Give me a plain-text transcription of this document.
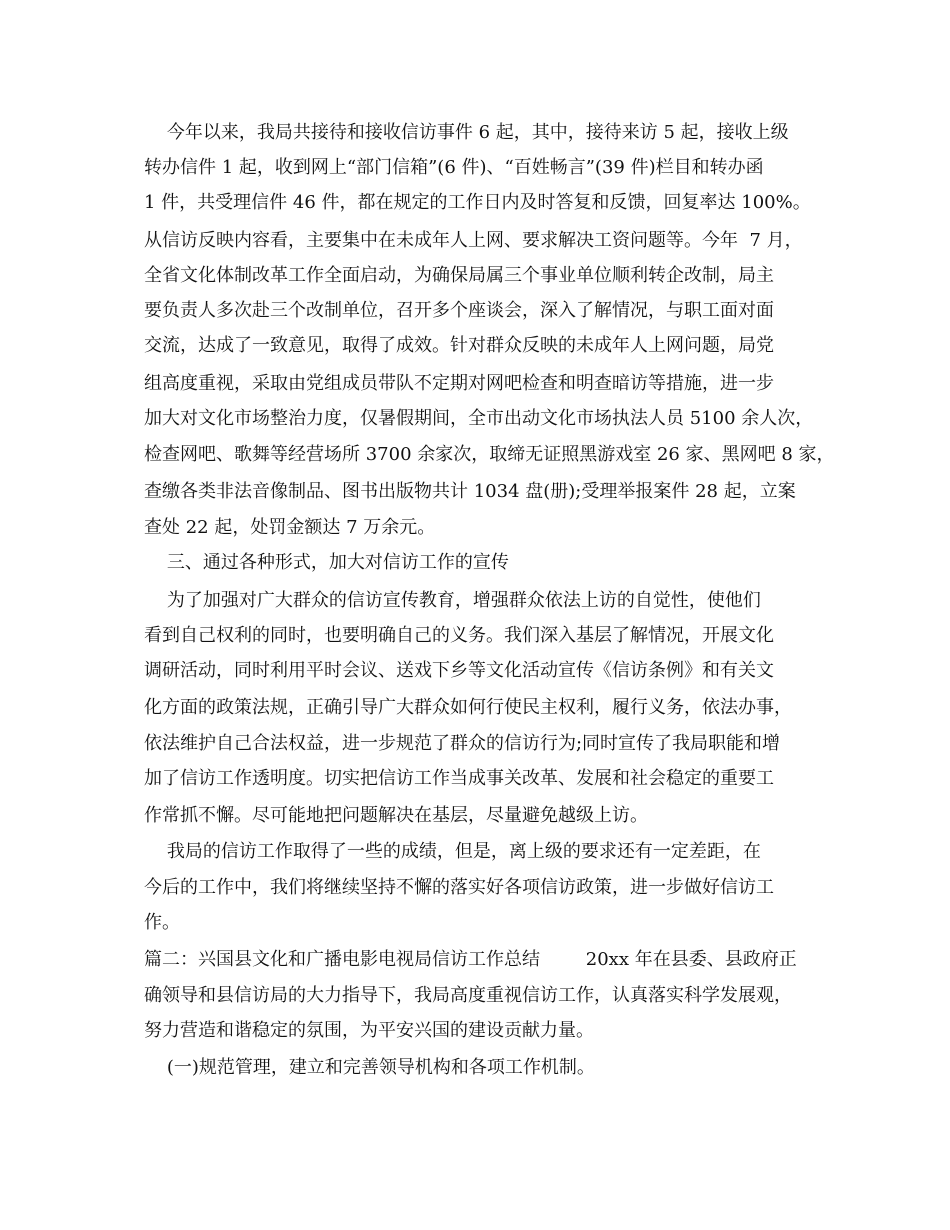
今年以来，我局共接待和接收信访事件 6 起，其中，接待来访 5 起，接收上级
转办信件 1 起，收到网上“部门信箱”(6 件)、“百姓畅言”(39 件)栏目和转办函
1 件，共受理信件 46 件，都在规定的工作日内及时答复和反馈，回复率达 100%。
从信访反映内容看，主要集中在未成年人上网、要求解决工资问题等。今年  7 月，
全省文化体制改革工作全面启动，为确保局属三个事业单位顺利转企改制，局主
要负责人多次赴三个改制单位，召开多个座谈会，深入了解情况，与职工面对面
交流，达成了一致意见，取得了成效。针对群众反映的未成年人上网问题，局党
组高度重视，采取由党组成员带队不定期对网吧检查和明查暗访等措施，进一步
加大对文化市场整治力度，仅暑假期间，全市出动文化市场执法人员 5100 余人次，
检查网吧、歌舞等经营场所 3700 余家次，取缔无证照黑游戏室 26 家、黑网吧 8 家，
查缴各类非法音像制品、图书出版物共计 1034 盘(册);受理举报案件 28 起，立案
查处 22 起，处罚金额达 7 万余元。
三、通过各种形式，加大对信访工作的宣传
为了加强对广大群众的信访宣传教育，增强群众依法上访的自觉性，使他们
看到自己权利的同时，也要明确自己的义务。我们深入基层了解情况，开展文化
调研活动，同时利用平时会议、送戏下乡等文化活动宣传《信访条例》和有关文
化方面的政策法规，正确引导广大群众如何行使民主权利，履行义务，依法办事，
依法维护自己合法权益，进一步规范了群众的信访行为;同时宣传了我局职能和增
加了信访工作透明度。切实把信访工作当成事关改革、发展和社会稳定的重要工
作常抓不懈。尽可能地把问题解决在基层，尽量避免越级上访。
我局的信访工作取得了一些的成绩，但是，离上级的要求还有一定差距，在
今后的工作中，我们将继续坚持不懈的落实好各项信访政策，进一步做好信访工
作。
篇二：兴国县文化和广播电影电视局信访工作总结        20xx 年在县委、县政府正
确领导和县信访局的大力指导下，我局高度重视信访工作，认真落实科学发展观，
努力营造和谐稳定的氛围，为平安兴国的建设贡献力量。
(一)规范管理，建立和完善领导机构和各项工作机制。
